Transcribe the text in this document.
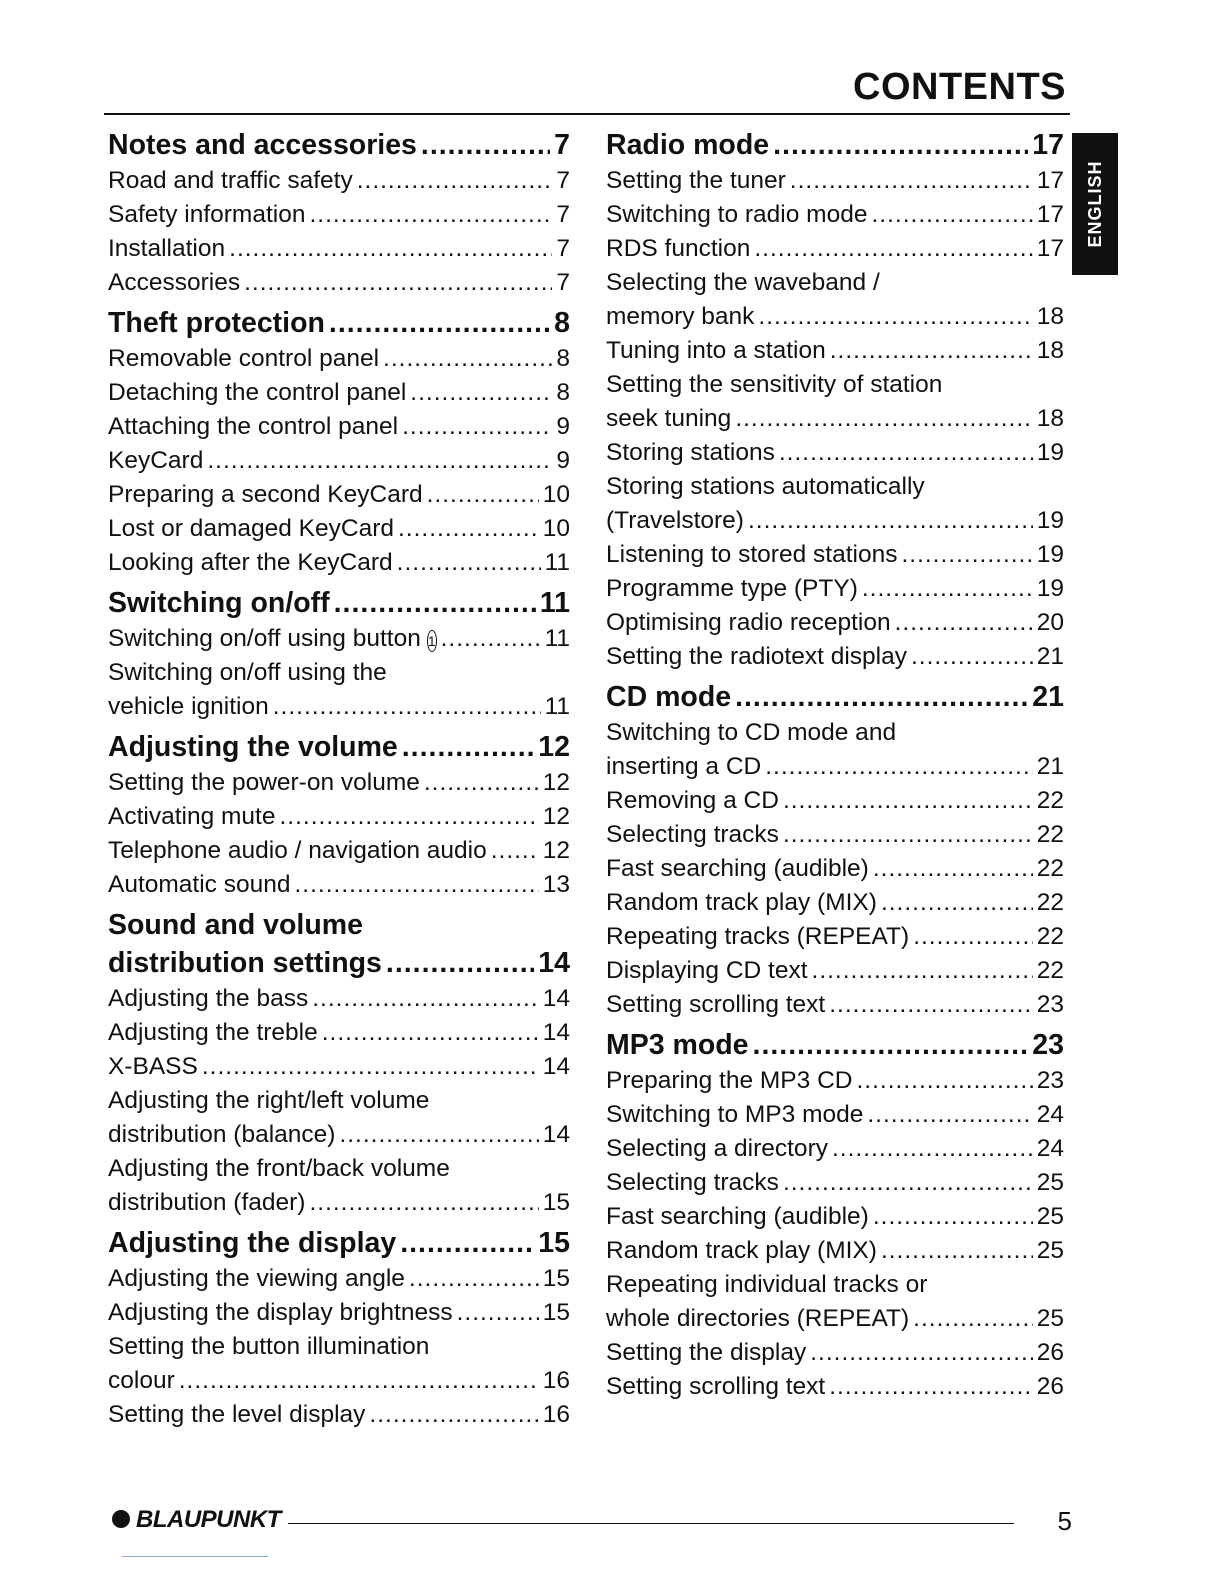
CONTENTS
ENGLISH
Notes and accessories .....	7
Road and traffic safety .....	7
Safety information .....	7
Installation .....	7
Accessories .....	7
Theft protection .....	8
Removable control panel .....	8
Detaching the control panel .....	8
Attaching the control panel .....	9
KeyCard .....	9
Preparing a second KeyCard .....	10
Lost or damaged KeyCard .....	10
Looking after the KeyCard .....	11
Switching on/off .....	11
Switching on/off using button 1 .....	11
Switching on/off using the
vehicle ignition .....	11
Adjusting the volume .....	12
Setting the power-on volume .....	12
Activating mute .....	12
Telephone audio / navigation audio ..... 12
Automatic sound .....	13
Sound and volume
distribution settings .....	14
Adjusting the bass .....	14
Adjusting the treble .....	14
X-BASS .....	14
Adjusting the right/left volume
distribution (balance) .....	14
Adjusting the front/back volume
distribution (fader) .....	15
Adjusting the display .....	15
Adjusting the viewing angle .....	15
Adjusting the display brightness .....	15
Setting the button illumination
colour .....	16
Setting the level display .....	16
Radio mode .....	17
Setting the tuner .....	17
Switching to radio mode .....	17
RDS function .....	17
Selecting the waveband /
memory bank .....	18
Tuning into a station .....	18
Setting the sensitivity of station
seek tuning .....	18
Storing stations .....	19
Storing stations automatically
(Travelstore) .....	19
Listening to stored stations .....	19
Programme type (PTY) .....	19
Optimising radio reception .....	20
Setting the radiotext display .....	21
CD mode .....	21
Switching to CD mode and
inserting a CD .....	21
Removing a CD .....	22
Selecting tracks .....	22
Fast searching (audible) .....	22
Random track play (MIX) .....	22
Repeating tracks (REPEAT) .....	22
Displaying CD text .....	22
Setting scrolling text .....	23
MP3 mode .....	23
Preparing the MP3 CD .....	23
Switching to MP3 mode .....	24
Selecting a directory .....	24
Selecting tracks .....	25
Fast searching (audible) .....	25
Random track play (MIX) .....	25
Repeating individual tracks or
whole directories (REPEAT) .....	25
Setting the display .....	26
Setting scrolling text .....	26
BLAUPUNKT	5
